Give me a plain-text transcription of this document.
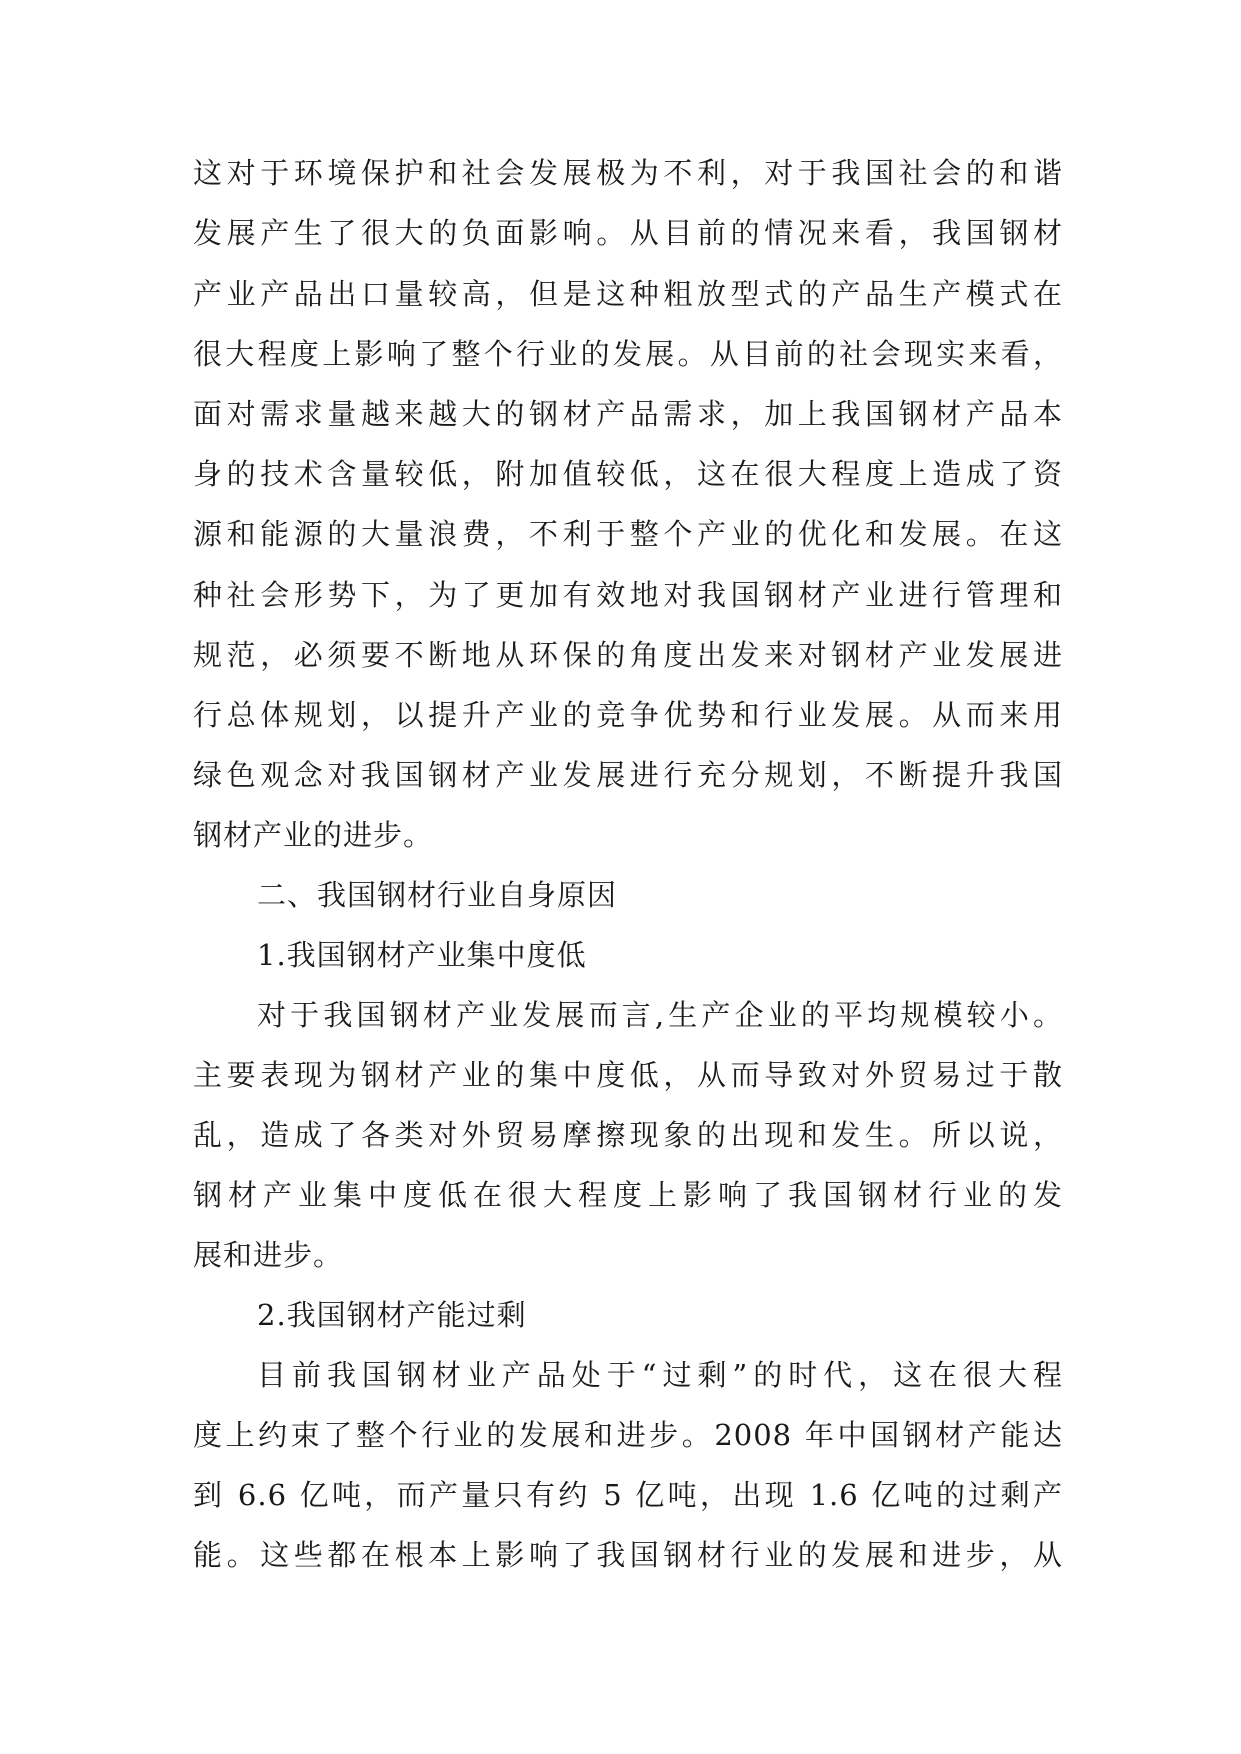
这对于环境保护和社会发展极为不利，对于我国社会的和谐
发展产生了很大的负面影响。从目前的情况来看，我国钢材
产业产品出口量较高，但是这种粗放型式的产品生产模式在
很大程度上影响了整个行业的发展。从目前的社会现实来看，
面对需求量越来越大的钢材产品需求，加上我国钢材产品本
身的技术含量较低，附加值较低，这在很大程度上造成了资
源和能源的大量浪费，不利于整个产业的优化和发展。在这
种社会形势下，为了更加有效地对我国钢材产业进行管理和
规范，必须要不断地从环保的角度出发来对钢材产业发展进
行总体规划，以提升产业的竞争优势和行业发展。从而来用
绿色观念对我国钢材产业发展进行充分规划，不断提升我国
钢材产业的进步。
二、我国钢材行业自身原因
1.我国钢材产业集中度低
对于我国钢材产业发展而言,生产企业的平均规模较小。
主要表现为钢材产业的集中度低，从而导致对外贸易过于散
乱，造成了各类对外贸易摩擦现象的出现和发生。所以说，
钢材产业集中度低在很大程度上影响了我国钢材行业的发
展和进步。
2.我国钢材产能过剩
目前我国钢材业产品处于“过剩”的时代，这在很大程
度上约束了整个行业的发展和进步。2008 年中国钢材产能达
到 6.6 亿吨，而产量只有约 5 亿吨，出现 1.6 亿吨的过剩产
能。这些都在根本上影响了我国钢材行业的发展和进步，从
